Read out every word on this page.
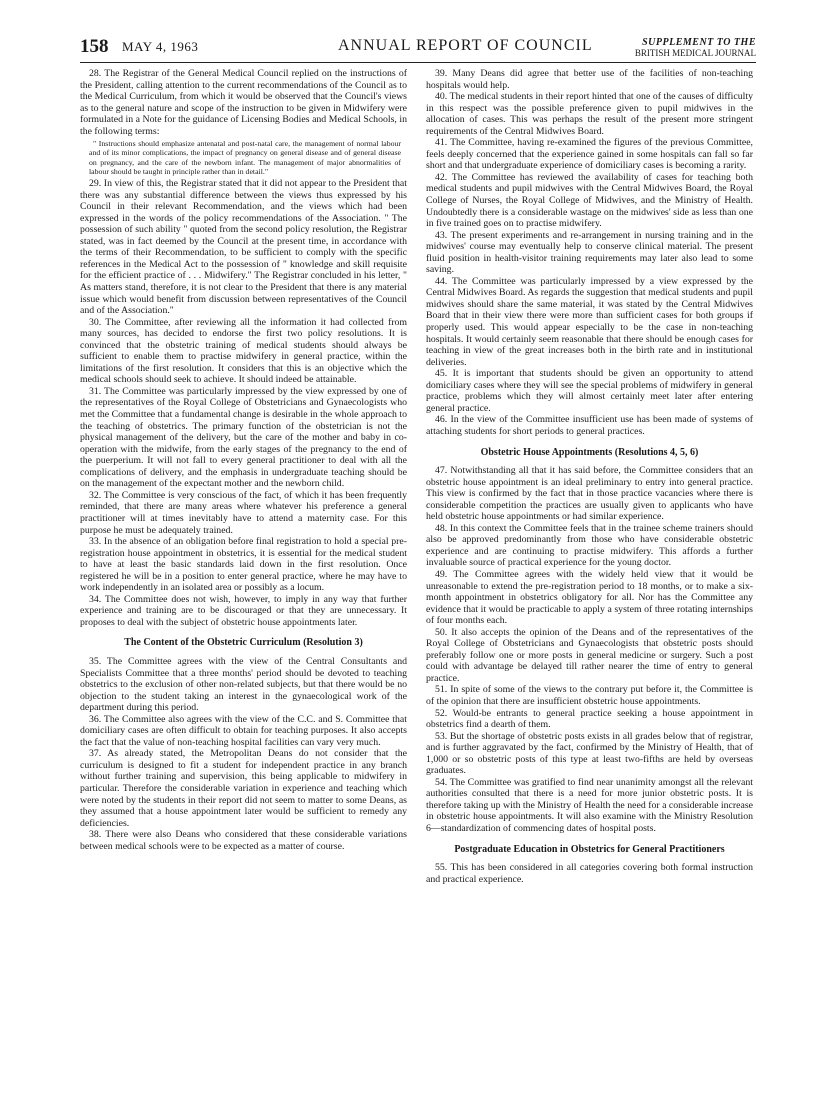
158 MAY 4, 1963	ANNUAL REPORT OF COUNCIL	SUPPLEMENT TO THE
BRITISH MEDICAL JOURNAL

28. The Registrar of the General Medical Council replied on the instructions of the President, calling attention to the current recommendations of the Council as to the Medical Curriculum, from which it would be observed that the Council's views as to the general nature and scope of the instruction to be given in Midwifery were formulated in a Note for the guidance of Licensing Bodies and Medical Schools, in the following terms:

" Instructions should emphasize antenatal and post-natal care, the management of normal labour and of its minor complications, the impact of pregnancy on general disease and of general disease on pregnancy, and the care of the newborn infant. The management of major abnormalities of labour should be taught in principle rather than in detail."

29. In view of this, the Registrar stated that it did not appear to the President that there was any substantial difference between the views thus expressed by his Council in their relevant Recommendation, and the views which had been expressed in the words of the policy recommendations of the Association. " The possession of such ability " quoted from the second policy resolution, the Registrar stated, was in fact deemed by the Council at the present time, in accordance with the terms of their Recommendation, to be sufficient to comply with the specific references in the Medical Act to the possession of " knowledge and skill requisite for the efficient practice of . . . Midwifery." The Registrar concluded in his letter, " As matters stand, therefore, it is not clear to the President that there is any material issue which would benefit from discussion between representatives of the Council and of the Association."

30. The Committee, after reviewing all the information it had collected from many sources, has decided to endorse the first two policy resolutions. It is convinced that the obstetric training of medical students should always be sufficient to enable them to practise midwifery in general practice, within the limitations of the first resolution. It considers that this is an objective which the medical schools should seek to achieve. It should indeed be attainable.

31. The Committee was particularly impressed by the view expressed by one of the representatives of the Royal College of Obstetricians and Gynaecologists who met the Committee that a fundamental change is desirable in the whole approach to the teaching of obstetrics. The primary function of the obstetrician is not the physical management of the delivery, but the care of the mother and baby in co-operation with the midwife, from the early stages of the pregnancy to the end of the puerperium. It will not fall to every general practitioner to deal with all the complications of delivery, and the emphasis in undergraduate teaching should be on the management of the expectant mother and the newborn child.

32. The Committee is very conscious of the fact, of which it has been frequently reminded, that there are many areas where whatever his preference a general practitioner will at times inevitably have to attend a maternity case. For this purpose he must be adequately trained.

33. In the absence of an obligation before final registration to hold a special pre-registration house appointment in obstetrics, it is essential for the medical student to have at least the basic standards laid down in the first resolution. Once registered he will be in a position to enter general practice, where he may have to work independently in an isolated area or possibly as a locum.

34. The Committee does not wish, however, to imply in any way that further experience and training are to be discouraged or that they are unnecessary. It proposes to deal with the subject of obstetric house appointments later.

The Content of the Obstetric Curriculum (Resolution 3)

35. The Committee agrees with the view of the Central Consultants and Specialists Committee that a three months' period should be devoted to teaching obstetrics to the exclusion of other non-related subjects, but that there would be no objection to the student taking an interest in the gynaecological work of the department during this period.

36. The Committee also agrees with the view of the C.C. and S. Committee that domiciliary cases are often difficult to obtain for teaching purposes. It also accepts the fact that the value of non-teaching hospital facilities can vary very much.

37. As already stated, the Metropolitan Deans do not consider that the curriculum is designed to fit a student for independent practice in any branch without further training and supervision, this being applicable to midwifery in particular. Therefore the considerable variation in experience and teaching which were noted by the students in their report did not seem to matter to some Deans, as they assumed that a house appointment later would be sufficient to remedy any deficiencies.

38. There were also Deans who considered that these considerable variations between medical schools were to be expected as a matter of course.

39. Many Deans did agree that better use of the facilities of non-teaching hospitals would help.

40. The medical students in their report hinted that one of the causes of difficulty in this respect was the possible preference given to pupil midwives in the allocation of cases. This was perhaps the result of the present more stringent requirements of the Central Midwives Board.

41. The Committee, having re-examined the figures of the previous Committee, feels deeply concerned that the experience gained in some hospitals can fall so far short and that undergraduate experience of domiciliary cases is becoming a rarity.

42. The Committee has reviewed the availability of cases for teaching both medical students and pupil midwives with the Central Midwives Board, the Royal College of Nurses, the Royal College of Midwives, and the Ministry of Health. Undoubtedly there is a considerable wastage on the midwives' side as less than one in five trained goes on to practise midwifery.

43. The present experiments and re-arrangement in nursing training and in the midwives' course may eventually help to conserve clinical material. The present fluid position in health-visitor training requirements may later also lead to some saving.

44. The Committee was particularly impressed by a view expressed by the Central Midwives Board. As regards the suggestion that medical students and pupil midwives should share the same material, it was stated by the Central Midwives Board that in their view there were more than sufficient cases for both groups if properly used. This would appear especially to be the case in non-teaching hospitals. It would certainly seem reasonable that there should be enough cases for teaching in view of the great increases both in the birth rate and in institutional deliveries.

45. It is important that students should be given an opportunity to attend domiciliary cases where they will see the special problems of midwifery in general practice, problems which they will almost certainly meet later after entering general practice.

46. In the view of the Committee insufficient use has been made of systems of attaching students for short periods to general practices.

Obstetric House Appointments (Resolutions 4, 5, 6)

47. Notwithstanding all that it has said before, the Committee considers that an obstetric house appointment is an ideal preliminary to entry into general practice. This view is confirmed by the fact that in those practice vacancies where there is considerable competition the practices are usually given to applicants who have held obstetric house appointments or had similar experience.

48. In this context the Committee feels that in the trainee scheme trainers should also be approved predominantly from those who have considerable obstetric experience and are continuing to practise midwifery. This affords a further invaluable source of practical experience for the young doctor.

49. The Committee agrees with the widely held view that it would be unreasonable to extend the pre-registration period to 18 months, or to make a six-month appointment in obstetrics obligatory for all. Nor has the Committee any evidence that it would be practicable to apply a system of three rotating internships of four months each.

50. It also accepts the opinion of the Deans and of the representatives of the Royal College of Obstetricians and Gynaecologists that obstetric posts should preferably follow one or more posts in general medicine or surgery. Such a post could with advantage be delayed till rather nearer the time of entry to general practice.

51. In spite of some of the views to the contrary put before it, the Committee is of the opinion that there are insufficient obstetric house appointments.

52. Would-be entrants to general practice seeking a house appointment in obstetrics find a dearth of them.

53. But the shortage of obstetric posts exists in all grades below that of registrar, and is further aggravated by the fact, confirmed by the Ministry of Health, that of 1,000 or so obstetric posts of this type at least two-fifths are held by overseas graduates.

54. The Committee was gratified to find near unanimity amongst all the relevant authorities consulted that there is a need for more junior obstetric posts. It is therefore taking up with the Ministry of Health the need for a considerable increase in obstetric house appointments. It will also examine with the Ministry Resolution 6—standardization of commencing dates of hospital posts.

Postgraduate Education in Obstetrics for General Practitioners

55. This has been considered in all categories covering both formal instruction and practical experience.
